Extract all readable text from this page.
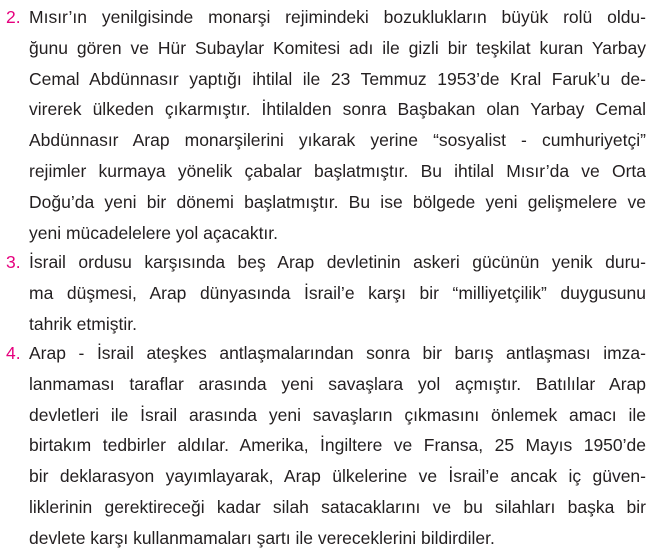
2. Mısır’ın yenilgisinde monarşi rejimindeki bozuklukların büyük rolü oldu-
ğunu gören ve Hür Subaylar Komitesi adı ile gizli bir teşkilat kuran Yarbay
Cemal Abdünnasır yaptığı ihtilal ile 23 Temmuz 1953’de Kral Faruk’u de-
virerek ülkeden çıkarmıştır. İhtilalden sonra Başbakan olan Yarbay Cemal
Abdünnasır Arap monarşilerini yıkarak yerine “sosyalist - cumhuriyetçi”
rejimler kurmaya yönelik çabalar başlatmıştır. Bu ihtilal Mısır’da ve Orta
Doğu’da yeni bir dönemi başlatmıştır. Bu ise bölgede yeni gelişmelere ve
yeni mücadelelere yol açacaktır.
3. İsrail ordusu karşısında beş Arap devletinin askeri gücünün yenik duru-
ma düşmesi, Arap dünyasında İsrail’e karşı bir “milliyetçilik” duygusunu
tahrik etmiştir.
4. Arap - İsrail ateşkes antlaşmalarından sonra bir barış antlaşması imza-
lanmaması taraflar arasında yeni savaşlara yol açmıştır. Batılılar Arap
devletleri ile İsrail arasında yeni savaşların çıkmasını önlemek amacı ile
birtakım tedbirler aldılar. Amerika, İngiltere ve Fransa, 25 Mayıs 1950’de
bir deklarasyon yayımlayarak, Arap ülkelerine ve İsrail’e ancak iç güven-
liklerinin gerektireceği kadar silah satacaklarını ve bu silahları başka bir
devlete karşı kullanmamaları şartı ile vereceklerini bildirdiler.
